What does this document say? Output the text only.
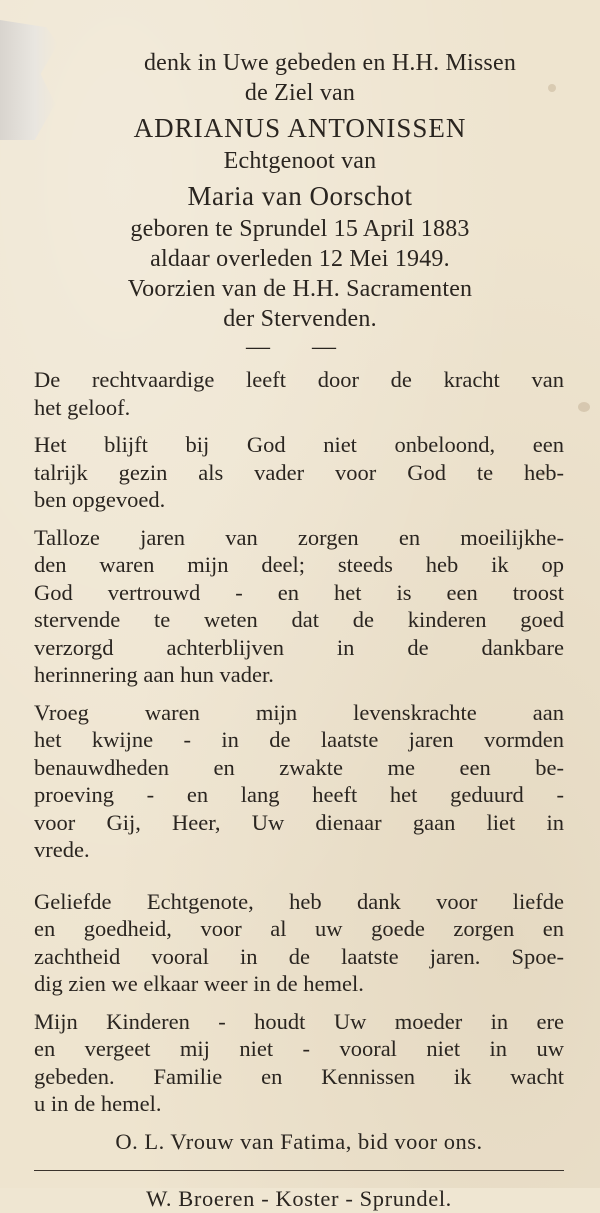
denk in Uwe gebeden en H.H. Missen
de Ziel van
ADRIANUS ANTONISSEN
Echtgenoot van
Maria van Oorschot
geboren te Sprundel 15 April 1883
aldaar overleden 12 Mei 1949.
Voorzien van de H.H. Sacramenten
der Stervenden.
— —
De rechtvaardige leeft door de kracht van
het geloof.
Het blijft bij God niet onbeloond, een
talrijk gezin als vader voor God te heb-
ben opgevoed.
Talloze jaren van zorgen en moeilijkhe-
den waren mijn deel; steeds heb ik op
God vertrouwd - en het is een troost
stervende te weten dat de kinderen goed
verzorgd achterblijven in de dankbare
herinnering aan hun vader.
Vroeg waren mijn levenskrachte aan
het kwijne - in de laatste jaren vormden
benauwdheden en zwakte me een be-
proeving - en lang heeft het geduurd -
voor Gij, Heer, Uw dienaar gaan liet in
vrede.
Geliefde Echtgenote, heb dank voor liefde
en goedheid, voor al uw goede zorgen en
zachtheid vooral in de laatste jaren. Spoe-
dig zien we elkaar weer in de hemel.
Mijn Kinderen - houdt Uw moeder in ere
en vergeet mij niet - vooral niet in uw
gebeden. Familie en Kennissen ik wacht
u in de hemel.
O. L. Vrouw van Fatima, bid voor ons.
W. Broeren - Koster - Sprundel.
